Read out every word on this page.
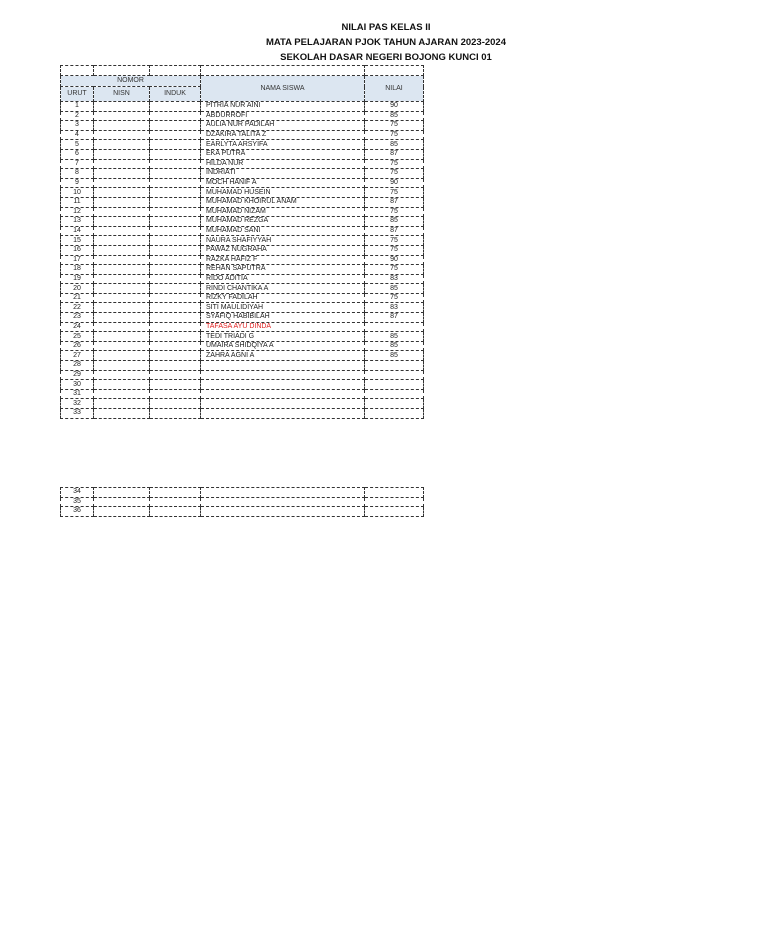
NILAI PAS KELAS II
MATA PELAJARAN PJOK TAHUN AJARAN 2023-2024
SEKOLAH DASAR NEGERI BOJONG KUNCI 01

NOMOR			NAMA SISWA	NILAI
URUT	NISN	INDUK		
1			PITRIA NUR AINI	90
2			ABDURROFI	85
3			AULIA NUR PADILAH	75
4			DZAKIRA TALITA Z	75
5			EARLYTA ARSYIFA	85
6			EKA PUTRA	87
7			HILDA NUR	75
8			INDRIATI	75
9			MOCH HANIF A	90
10			MUHAMAD HUSEIN	75
11			MUHAMAD KHOIRUL ANAM	87
12			MUHAMAD NIZAM	75
13			MUHAMAD REZGA	85
14			MUHAMAD SANI	87
15			NAURA SHAFIYYAH	75
16			PAWAZ NUGRAHA	75
17			RAZKA HAFIZ F	90
18			REHAN SAPUTRA	75
19			RIDO ADITIA	83
20			RINDI CHANTIKA A	85
21			RIZKY FADILAH	75
22			SITI MAULIDIYAH	83
23			SYAFIQ HABIBILAH	87
24			TAFASA AYU DINDA	
25			TEDI TRIADI G	85
26			UMAIRA SHIDQIYA A	85
27			ZAHRA AGNI A	85
28				
29				
30				
31				
32				
33				
34				
35				
36				
